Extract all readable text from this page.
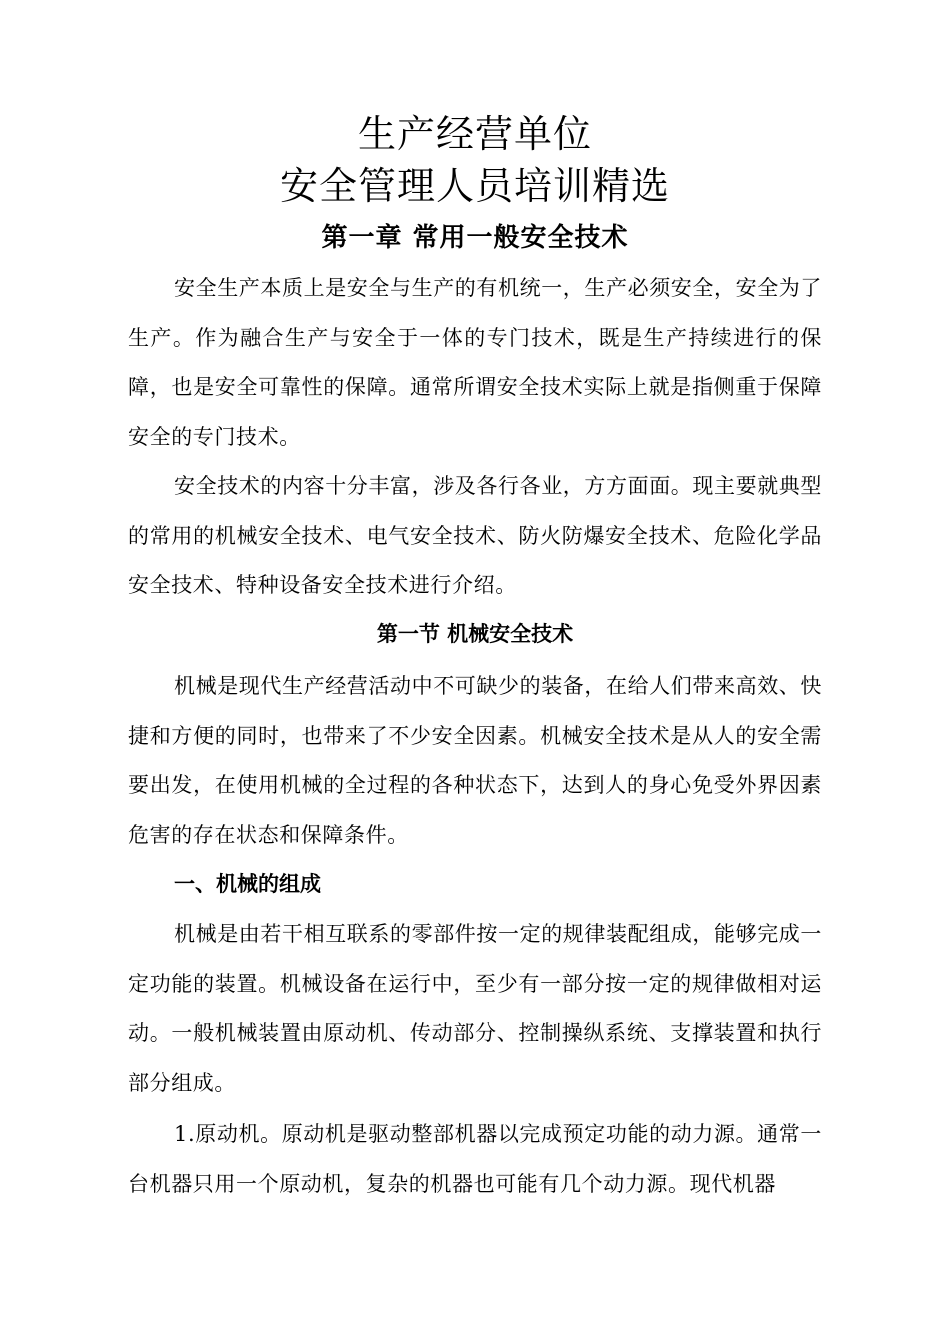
生产经营单位
安全管理人员培训精选
第一章 常用一般安全技术

安全生产本质上是安全与生产的有机统一，生产必须安全，安全为了生产。作为融合生产与安全于一体的专门技术，既是生产持续进行的保障，也是安全可靠性的保障。通常所谓安全技术实际上就是指侧重于保障安全的专门技术。

安全技术的内容十分丰富，涉及各行各业，方方面面。现主要就典型的常用的机械安全技术、电气安全技术、防火防爆安全技术、危险化学品安全技术、特种设备安全技术进行介绍。

第一节 机械安全技术

机械是现代生产经营活动中不可缺少的装备，在给人们带来高效、快捷和方便的同时，也带来了不少安全因素。机械安全技术是从人的安全需要出发，在使用机械的全过程的各种状态下，达到人的身心免受外界因素危害的存在状态和保障条件。

一、机械的组成

机械是由若干相互联系的零部件按一定的规律装配组成，能够完成一定功能的装置。机械设备在运行中，至少有一部分按一定的规律做相对运动。一般机械装置由原动机、传动部分、控制操纵系统、支撑装置和执行部分组成。

1.原动机。原动机是驱动整部机器以完成预定功能的动力源。通常一台机器只用一个原动机，复杂的机器也可能有几个动力源。现代机器
